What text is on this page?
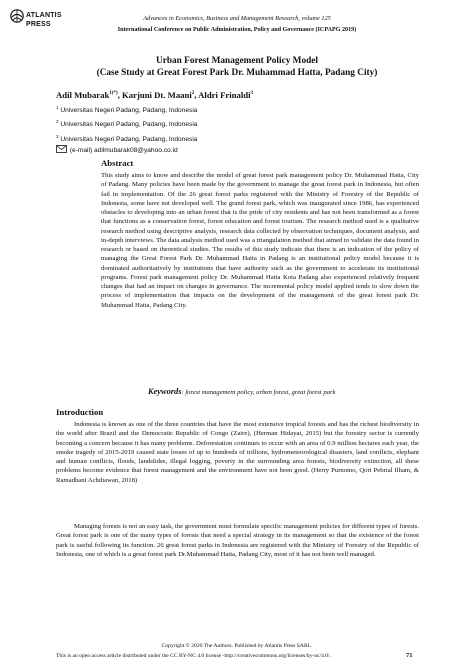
ATLANTIS
PRESS
Advances in Economics, Business and Management Research, volume 125
International Conference on Public Administration, Policy and Governance (ICPAPG 2019)
Urban Forest Management Policy Model
(Case Study at Great Forest Park Dr. Muhammad Hatta, Padang City)
Adil Mubarak$^{1(*)}$, Karjuni Dt. Maani$^2$, Aldri Frinaldi$^3$
$^1$ Universitas Negeri Padang, Padang, Indonesia
$^2$ Universitas Negeri Padang, Padang, Indonesia
$^3$ Universitas Negeri Padang, Padang, Indonesia
(e-mail) adilmubarak08@yahoo.co.id
Abstract

This study aims to know and describe the model of great forest park management policy Dr. Muhammad Hatta, City of Padang. Many policies have been made by the government to manage the great forest park in Indonesia, but often fail in implementation. Of the 26 great forest parks registered with the Ministry of Forestry of the Republic of Indonesia, some have not developed well. The grand forest park, which was inaugurated since 1986, has experienced obstacles to developing into an urban forest that is the pride of city residents and has not been transformed as a forest that functions as a conservation forest, forest education and forest tourism. The research method used is a qualitative research method using descriptive analysis, research data collected by observation techniques, document analysis, and in-depth interviews. The data analysis method used was a triangulation method that aimed to validate the data found in research or based on theoretical studies. The results of this study indicate that there is an indication of the policy of managing the Great Forest Park Dr. Muhammad Hatta in Padang is an institutional policy model because it is dominated authoritatively by institutions that have authority such as the government to accelerate its institutional programs. Forest park management policy Dr. Muhammad Hatta Kota Padang also experienced relatively frequent changes that had an impact on changes in governance. The incremental policy model applied tends to slow down the process of implementation that impacts on the development of the management of the great forest park Dr. Muhammad Hatta, Padang City.

Keywords: forest management policy, urban forest, great forest park
Introduction

Indonesia is known as one of the three countries that have the most extensive tropical forests and has the richest biodiversity in the world after Brazil and the Democratic Republic of Congo (Zaire), (Herman Hidayat, 2015) but the forestry sector is currently becoming a concern because it has many problems. Deforestation continues to occur with an area of 0.9 million hectares each year, the smoke tragedy of 2015-2019 caused state losses of up to hundreds of trillions, hydrometeorological disasters, land conflicts, elephant and human conflicts, floods, landslides, illegal logging, poverty in the surrounding area forests, biodiversity extinction, all these problems become evidence that forest management and the environment have not been good. (Herry Purnomo, Qori Pebrial Ilham, & Ramadhani Achdiawan, 2018)

Managing forests is not an easy task, the government must formulate specific management policies for different types of forests. Great forest park is one of the many types of forests that need a special strategy in its management so that the existence of the forest park is useful following its function. 26 great forest parks in Indonesia are registered with the Ministry of Forestry of the Republic of Indonesia, one of which is a great forest park Dr.Muhammad Hatta, Padang City, most of it has not been well managed.

Copyright © 2020 The Authors. Published by Atlantis Press SARL.
This is an open access article distributed under the CC BY-NC 4.0 license -http://creativecommons.org/licenses/by-nc/4.0/.	71
